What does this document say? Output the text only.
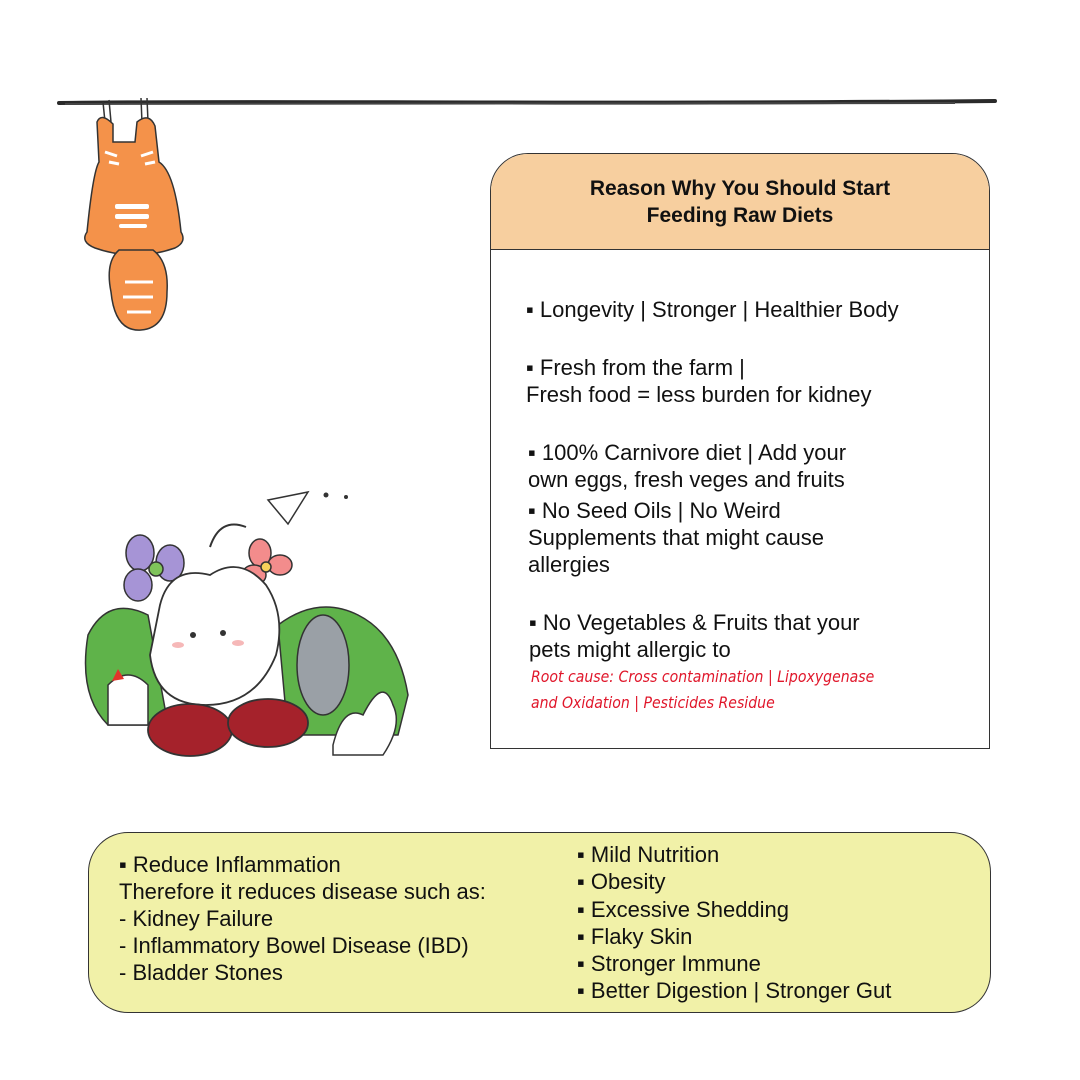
Reason Why You Should Start
Feeding Raw Diets
▪ Longevity | Stronger | Healthier Body
▪ Fresh from the farm |
Fresh food = less burden for kidney
▪ 100% Carnivore diet | Add your
own eggs, fresh veges and fruits
▪ No Seed Oils | No Weird
Supplements that might cause
allergies
▪ No Vegetables & Fruits that your
pets might allergic to
Root cause: Cross contamination | Lipoxygenase
and Oxidation | Pesticides Residue
▪ Reduce Inflammation
Therefore it reduces disease such as:
- Kidney Failure
- Inflammatory Bowel Disease (IBD)
- Bladder Stones
▪ Mild Nutrition
▪ Obesity
▪ Excessive Shedding
▪ Flaky Skin
▪ Stronger Immune
▪ Better Digestion | Stronger Gut
